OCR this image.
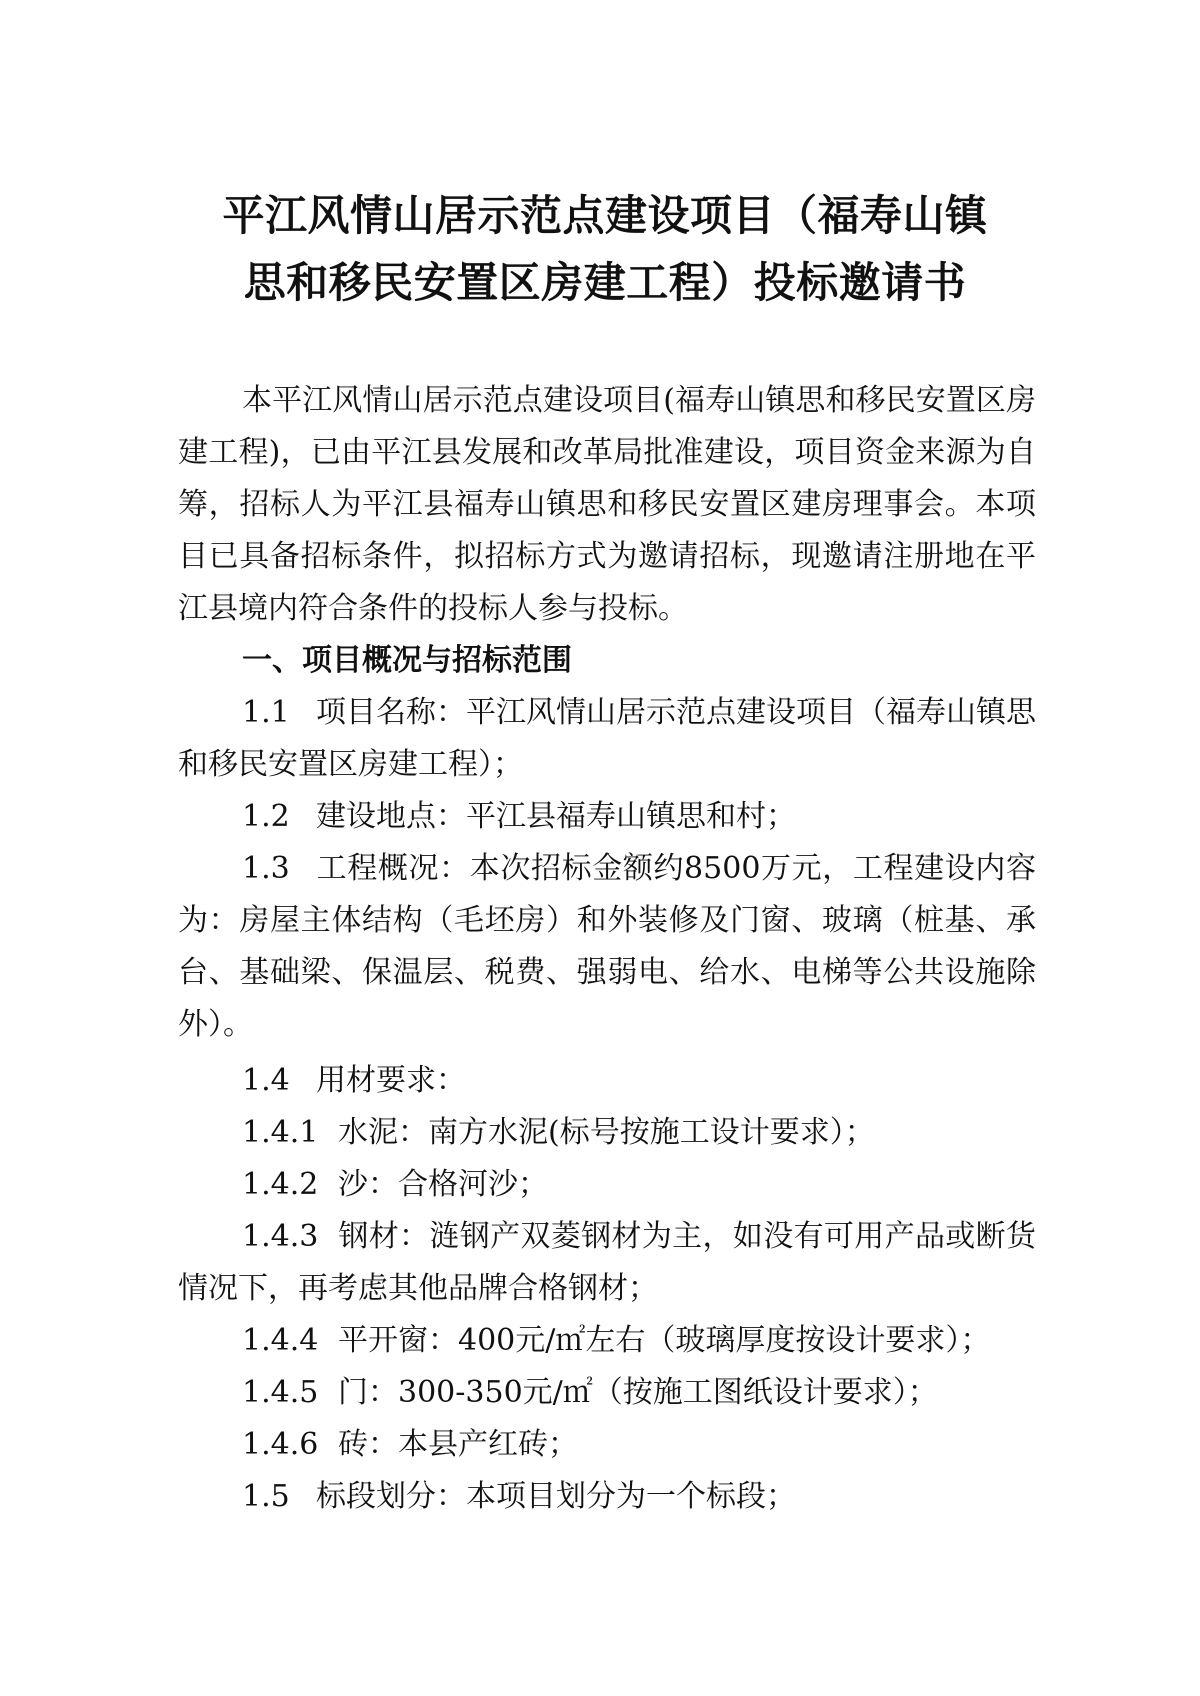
平江风情山居示范点建设项目（福寿山镇
思和移民安置区房建工程）投标邀请书

本平江风情山居示范点建设项目(福寿山镇思和移民安置区房建工程)，已由平江县发展和改革局批准建设，项目资金来源为自筹，招标人为平江县福寿山镇思和移民安置区建房理事会。本项目已具备招标条件，拟招标方式为邀请招标，现邀请注册地在平江县境内符合条件的投标人参与投标。

一、项目概况与招标范围

1.1 项目名称：平江风情山居示范点建设项目（福寿山镇思和移民安置区房建工程）；

1.2 建设地点：平江县福寿山镇思和村；

1.3 工程概况：本次招标金额约8500万元，工程建设内容为：房屋主体结构（毛坯房）和外装修及门窗、玻璃（桩基、承台、基础梁、保温层、税费、强弱电、给水、电梯等公共设施除外）。

1.4 用材要求：

1.4.1 水泥：南方水泥(标号按施工设计要求）；

1.4.2 沙：合格河沙；

1.4.3 钢材：涟钢产双菱钢材为主，如没有可用产品或断货情况下，再考虑其他品牌合格钢材；

1.4.4 平开窗：400元/㎡左右（玻璃厚度按设计要求）；

1.4.5 门：300-350元/㎡（按施工图纸设计要求）；

1.4.6 砖：本县产红砖；

1.5 标段划分：本项目划分为一个标段；
